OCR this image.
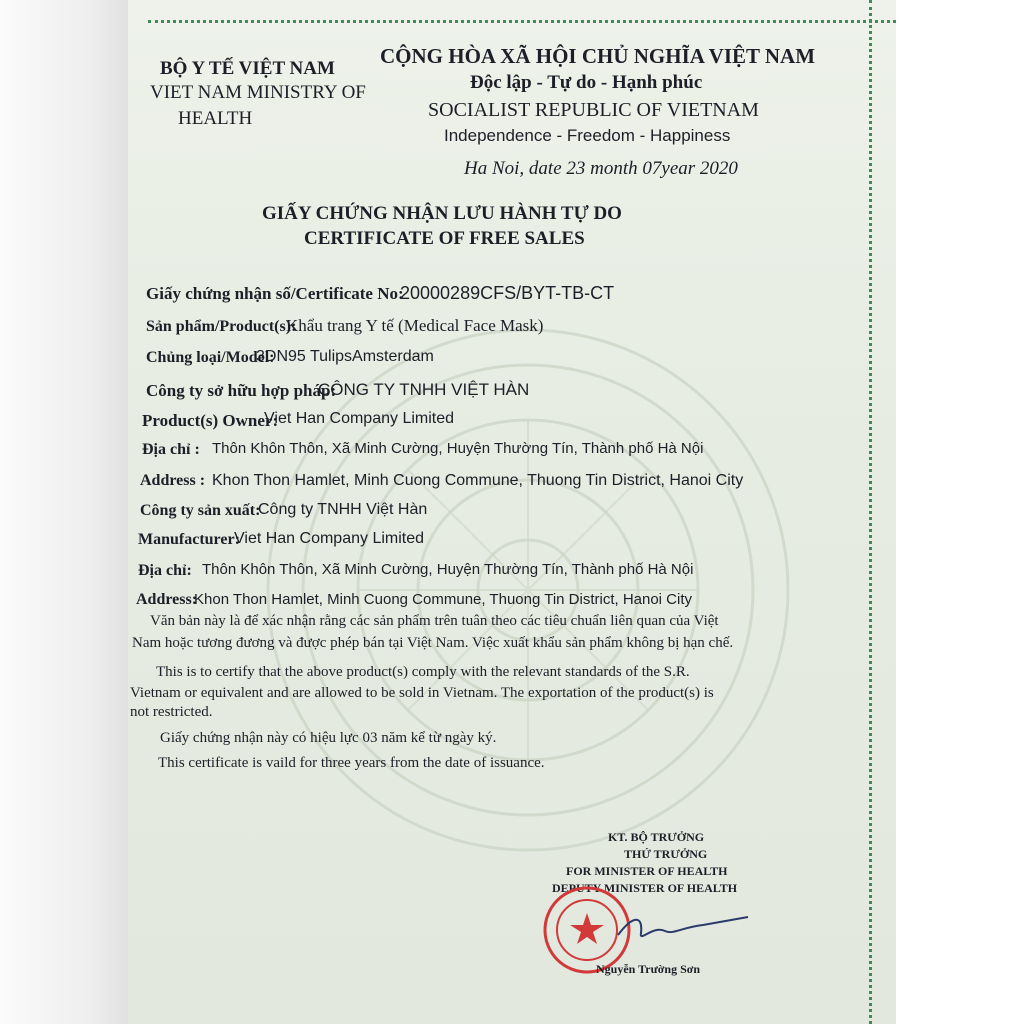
BỘ Y TẾ VIỆT NAM
VIET NAM MINISTRY OF
HEALTH
CỘNG HÒA XÃ HỘI CHỦ NGHĨA VIỆT NAM
Độc lập - Tự do - Hạnh phúc
SOCIALIST REPUBLIC OF VIETNAM
Independence - Freedom - Happiness
Ha Noi, date 23 month 07year 2020
GIẤY CHỨNG NHẬN LƯU HÀNH TỰ DO
CERTIFICATE OF FREE SALES
Giấy chứng nhận số/Certificate No:
20000289CFS/BYT-TB-CT
Sản phẩm/Product(s):
Khẩu trang Y tế (Medical Face Mask)
Chủng loại/Model:
3DN95 TulipsAmsterdam
Công ty sở hữu hợp pháp:
CÔNG TY TNHH VIỆT HÀN
Product(s) Owner:
Viet Han Company Limited
Địa chỉ : Thôn Khôn Thôn, Xã Minh Cường, Huyện Thường Tín, Thành phố Hà Nội
Address : Khon Thon Hamlet, Minh Cuong Commune, Thuong Tin District, Hanoi City
Công ty sản xuất:
Công ty TNHH Việt Hàn
Manufacturer:
Viet Han Company Limited
Địa chỉ: Thôn Khôn Thôn, Xã Minh Cường, Huyện Thường Tín, Thành phố Hà Nội
Address:
Khon Thon Hamlet, Minh Cuong Commune, Thuong Tin District, Hanoi City
Văn bản này là để xác nhận rằng các sản phẩm trên tuân theo các tiêu chuẩn liên quan của Việt
Nam hoặc tương đương và được phép bán tại Việt Nam. Việc xuất khẩu sản phẩm không bị hạn chế.
This is to certify that the above product(s) comply with the relevant standards of the S.R.
Vietnam or equivalent and are allowed to be sold in Vietnam. The exportation of the product(s) is
not restricted.
Giấy chứng nhận này có hiệu lực 03 năm kể từ ngày ký.
This certificate is vaild for three years from the date of issuance.
KT. BỘ TRƯỞNG
THỨ TRƯỞNG
FOR MINISTER OF HEALTH
DEPUTY MINISTER OF HEALTH
Nguyễn Trường Sơn
